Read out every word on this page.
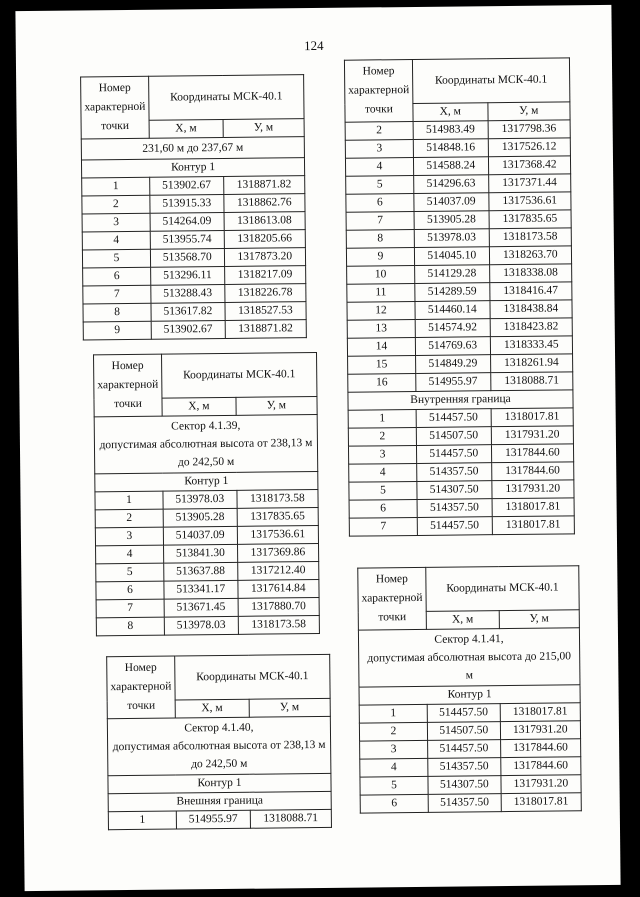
124
Номер характерной точки	Координаты МСК-40.1	
	Х, м	У, м
231,60 м до 237,67 м		
Контур 1		
1	513902.67	1318871.82
2	513915.33	1318862.76
3	514264.09	1318613.08
4	513955.74	1318205.66
5	513568.70	1317873.20
6	513296.11	1318217.09
7	513288.43	1318226.78
8	513617.82	1318527.53
9	513902.67	1318871.82
Номер характерной точки	Координаты МСК-40.1	
	Х, м	У, м

Сектор 4.1.39,
допустимая абсолютная высота от 238,13 м до 242,50 м		

Контур 1		
1	513978.03	1318173.58
2	513905.28	1317835.65
3	514037.09	1317536.61
4	513841.30	1317369.86
5	513637.88	1317212.40
6	513341.17	1317614.84
7	513671.45	1317880.70
8	513978.03	1318173.58
Номер характерной точки	Координаты МСК-40.1	
	Х, м	У, м

Сектор 4.1.40,
допустимая абсолютная высота от 238,13 м до 242,50 м		

Контур 1		
Внешняя граница		
1	514955.97	1318088.71
Номер характерной точки	Координаты МСК-40.1	
	Х, м	У, м
2	514983.49	1317798.36
3	514848.16	1317526.12
4	514588.24	1317368.42
5	514296.63	1317371.44
6	514037.09	1317536.61
7	513905.28	1317835.65
8	513978.03	1318173.58
9	514045.10	1318263.70
10	514129.28	1318338.08
11	514289.59	1318416.47
12	514460.14	1318438.84
13	514574.92	1318423.82
14	514769.63	1318333.45
15	514849.29	1318261.94
16	514955.97	1318088.71
Внутренняя граница		
1	514457.50	1318017.81
2	514507.50	1317931.20
3	514457.50	1317844.60
4	514357.50	1317844.60
5	514307.50	1317931.20
6	514357.50	1318017.81
7	514457.50	1318017.81
Номер характерной точки	Координаты МСК-40.1	
	Х, м	У, м

Сектор 4.1.41,
допустимая абсолютная высота до 215,00 м		

Контур 1		
1	514457.50	1318017.81
2	514507.50	1317931.20
3	514457.50	1317844.60
4	514357.50	1317844.60
5	514307.50	1317931.20
6	514357.50	1318017.81
